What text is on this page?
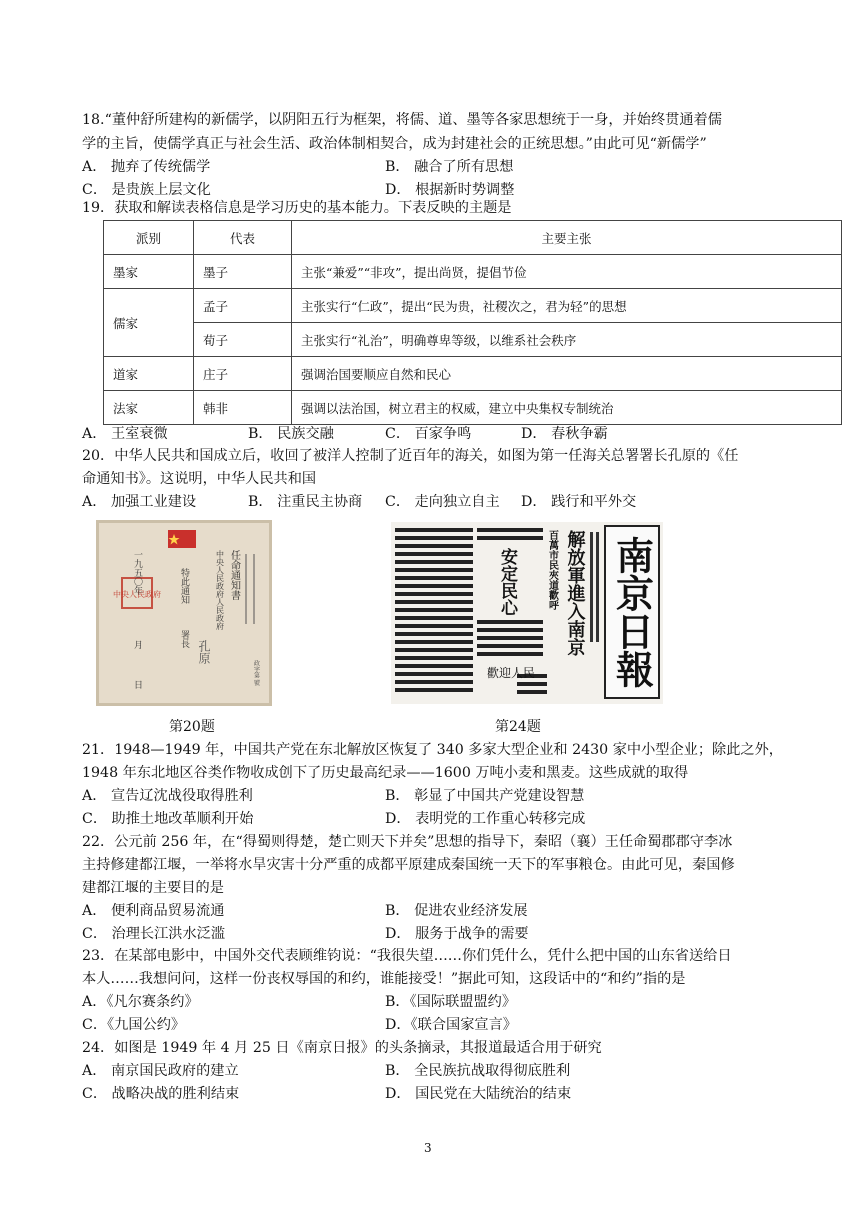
18.“董仲舒所建构的新儒学，以阴阳五行为框架，将儒、道、墨等各家思想统于一身，并始终贯通着儒
学的主旨，使儒学真正与社会生活、政治体制相契合，成为封建社会的正统思想。”由此可见“新儒学”
A． 抛弃了传统儒学	B． 融合了所有思想
C． 是贵族上层文化	D． 根据新时势调整
19．获取和解读表格信息是学习历史的基本能力。下表反映的主题是
派别	代表	主要主张
墨家	墨子	主张“兼爱”“非攻”，提出尚贤，提倡节俭
儒家	孟子	主张实行“仁政”，提出“民为贵，社稷次之，君为轻”的思想
	荀子	主张实行“礼治”，明确尊卑等级，以维系社会秩序
道家	庄子	强调治国要顺应自然和民心
法家	韩非	强调以法治国，树立君主的权威，建立中央集权专制统治
A． 王室衰微	B． 民族交融	C． 百家争鸣	D． 春秋争霸
20．中华人民共和国成立后，收回了被洋人控制了近百年的海关，如图为第一任海关总署署长孔原的《任
命通知书》。这说明，中华人民共和国
A． 加强工业建设	B． 注重民主协商 C． 走向独立自主 D． 践行和平外交
中央人民政府
一九五〇年
月
日
特此通知
署長
孔原
中央人民政府人民政府 任命通知書
政字第 號
第20题
安定民心	百萬市民夾道歡呼 解放軍進入南京
歡迎人民 南京日報
第24题
21．1948—1949 年，中国共产党在东北解放区恢复了 340 多家大型企业和 2430 家中小型企业；除此之外，
1948 年东北地区谷类作物收成创下了历史最高纪录——1600 万吨小麦和黑麦。这些成就的取得
A． 宣告辽沈战役取得胜利	B． 彰显了中国共产党建设智慧
C． 助推土地改革顺利开始	D． 表明党的工作重心转移完成
22．公元前 256 年，在“得蜀则得楚，楚亡则天下并矣”思想的指导下，秦昭（襄）王任命蜀郡郡守李冰
主持修建都江堰，一举将水旱灾害十分严重的成都平原建成秦国统一天下的军事粮仓。由此可见，秦国修
建都江堰的主要目的是
A． 便利商品贸易流通	B． 促进农业经济发展
C． 治理长江洪水泛滥	D． 服务于战争的需要
23．在某部电影中，中国外交代表顾维钧说：“我很失望……你们凭什么，凭什么把中国的山东省送给日
本人……我想问问，这样一份丧权辱国的和约，谁能接受！”据此可知，这段话中的“和约”指的是
A．《凡尔赛条约》	B．《国际联盟盟约》
C．《九国公约》	D．《联合国家宣言》
24．如图是 1949 年 4 月 25 日《南京日报》的头条摘录，其报道最适合用于研究
A． 南京国民政府的建立	B． 全民族抗战取得彻底胜利
C． 战略决战的胜利结束	D． 国民党在大陆统治的结束
3
